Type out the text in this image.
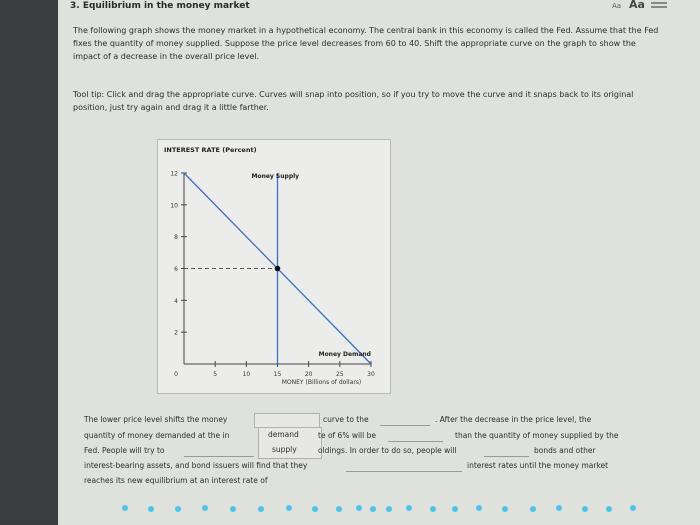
3. Equilibrium in the money market	Aa Aa
The following graph shows the money market in a hypothetical economy. The central bank in this economy is called the Fed. Assume that the Fed fixes the quantity of money supplied. Suppose the price level decreases from 60 to 40. Shift the appropriate curve on the graph to show the impact of a decrease in the overall price level.
Tool tip: Click and drag the appropriate curve. Curves will snap into position, so if you try to move the curve and it snaps back to its original position, just try again and drag it a little farther.
INTEREST RATE (Percent)
2
4
6
8
10
12
0	5	10	15	20	25	30
MONEY (Billions of dollars)
Money Supply
Money Demand
The lower price level shifts the money	curve to the	. After the decrease in the price level, the
quantity of money demanded at the in	demand
supply
te of 6% will be	than the quantity of money supplied by the
Fed. People will try to	oldings. In order to do so, people will	bonds and other
interest-bearing assets, and bond issuers will find that they	interest rates until the money market
reaches its new equilibrium at an interest rate of
